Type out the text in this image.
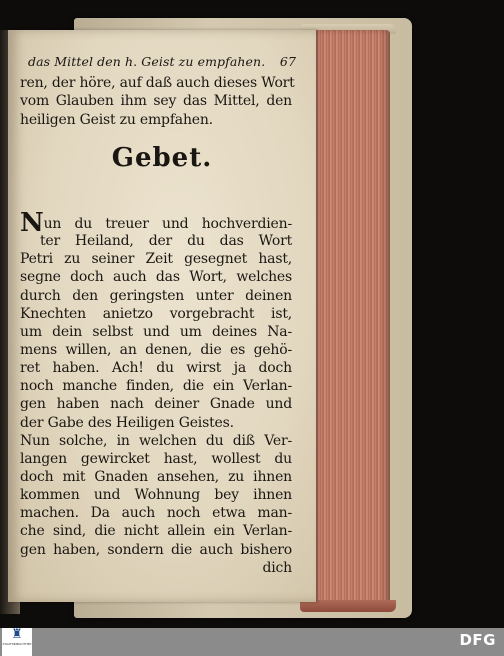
das Mittel den h. Geist zu empfahen. 67
ren, der höre, auf daß auch dieses Wort
vom Glauben ihm sey das Mittel, den
heiligen Geist zu empfahen.
Gebet.
Nun du treuer und hochverdien-
ter Heiland, der du das Wort
Petri zu seiner Zeit gesegnet hast,
segne doch auch das Wort, welches
durch den geringsten unter deinen
Knechten anietzo vorgebracht ist,
um dein selbst und um deines Na-
mens willen, an denen, die es gehö-
ret haben. Ach! du wirst ja doch
noch manche finden, die ein Verlan-
gen haben nach deiner Gnade und
der Gabe des Heiligen Geistes.
Nun solche, in welchen du diß Ver-
langen gewircket hast, wollest du
doch mit Gnaden ansehen, zu ihnen
kommen und Wohnung bey ihnen
machen. Da auch noch etwa man-
che sind, die nicht allein ein Verlan-
gen haben, sondern die auch bishero
dich
♜
STAATSBIBLIOTHEK	DFG
